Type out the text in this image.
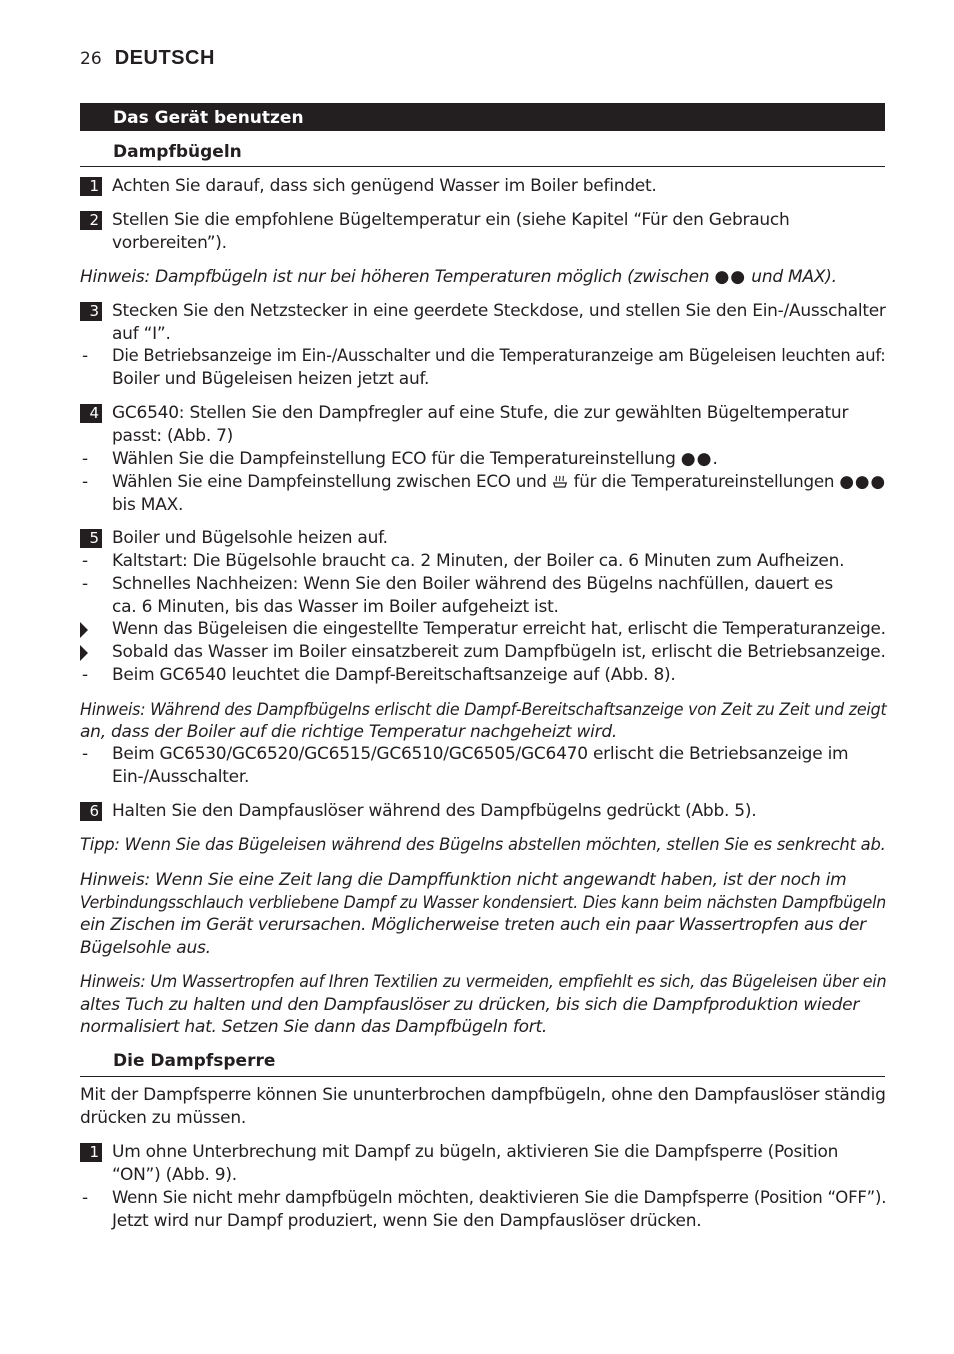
26 DEUTSCH
Das Gerät benutzen
Dampfbügeln
1 Achten Sie darauf, dass sich genügend Wasser im Boiler befindet.
2 Stellen Sie die empfohlene Bügeltemperatur ein (siehe Kapitel “Für den Gebrauch
vorbereiten”).
Hinweis: Dampfbügeln ist nur bei höheren Temperaturen möglich (zwischen ●● und MAX).
3 Stecken Sie den Netzstecker in eine geerdete Steckdose, und stellen Sie den Ein-/Ausschalter
auf “I”.
- Die Betriebsanzeige im Ein-/Ausschalter und die Temperaturanzeige am Bügeleisen leuchten auf:
Boiler und Bügeleisen heizen jetzt auf.
4 GC6540: Stellen Sie den Dampfregler auf eine Stufe, die zur gewählten Bügeltemperatur
passt: (Abb. 7)
- Wählen Sie die Dampfeinstellung ECO für die Temperatureinstellung ●●.
- Wählen Sie eine Dampfeinstellung zwischen ECO und  für die Temperatureinstellungen ●●●
bis MAX.
5 Boiler und Bügelsohle heizen auf.
- Kaltstart: Die Bügelsohle braucht ca. 2 Minuten, der Boiler ca. 6 Minuten zum Aufheizen.
- Schnelles Nachheizen: Wenn Sie den Boiler während des Bügelns nachfüllen, dauert es
ca. 6 Minuten, bis das Wasser im Boiler aufgeheizt ist.
Wenn das Bügeleisen die eingestellte Temperatur erreicht hat, erlischt die Temperaturanzeige.
Sobald das Wasser im Boiler einsatzbereit zum Dampfbügeln ist, erlischt die Betriebsanzeige.
- Beim GC6540 leuchtet die Dampf-Bereitschaftsanzeige auf (Abb. 8).
Hinweis: Während des Dampfbügelns erlischt die Dampf-Bereitschaftsanzeige von Zeit zu Zeit und zeigt
an, dass der Boiler auf die richtige Temperatur nachgeheizt wird.
- Beim GC6530/GC6520/GC6515/GC6510/GC6505/GC6470 erlischt die Betriebsanzeige im
Ein-/Ausschalter.
6 Halten Sie den Dampfauslöser während des Dampfbügelns gedrückt (Abb. 5).
Tipp: Wenn Sie das Bügeleisen während des Bügelns abstellen möchten, stellen Sie es senkrecht ab.
Hinweis: Wenn Sie eine Zeit lang die Dampffunktion nicht angewandt haben, ist der noch im
Verbindungsschlauch verbliebene Dampf zu Wasser kondensiert. Dies kann beim nächsten Dampfbügeln
ein Zischen im Gerät verursachen. Möglicherweise treten auch ein paar Wassertropfen aus der
Bügelsohle aus.
Hinweis: Um Wassertropfen auf Ihren Textilien zu vermeiden, empfiehlt es sich, das Bügeleisen über ein
altes Tuch zu halten und den Dampfauslöser zu drücken, bis sich die Dampfproduktion wieder
normalisiert hat. Setzen Sie dann das Dampfbügeln fort.
Die Dampfsperre
Mit der Dampfsperre können Sie ununterbrochen dampfbügeln, ohne den Dampfauslöser ständig
drücken zu müssen.
1 Um ohne Unterbrechung mit Dampf zu bügeln, aktivieren Sie die Dampfsperre (Position
“ON”) (Abb. 9).
- Wenn Sie nicht mehr dampfbügeln möchten, deaktivieren Sie die Dampfsperre (Position “OFF”).
Jetzt wird nur Dampf produziert, wenn Sie den Dampfauslöser drücken.
